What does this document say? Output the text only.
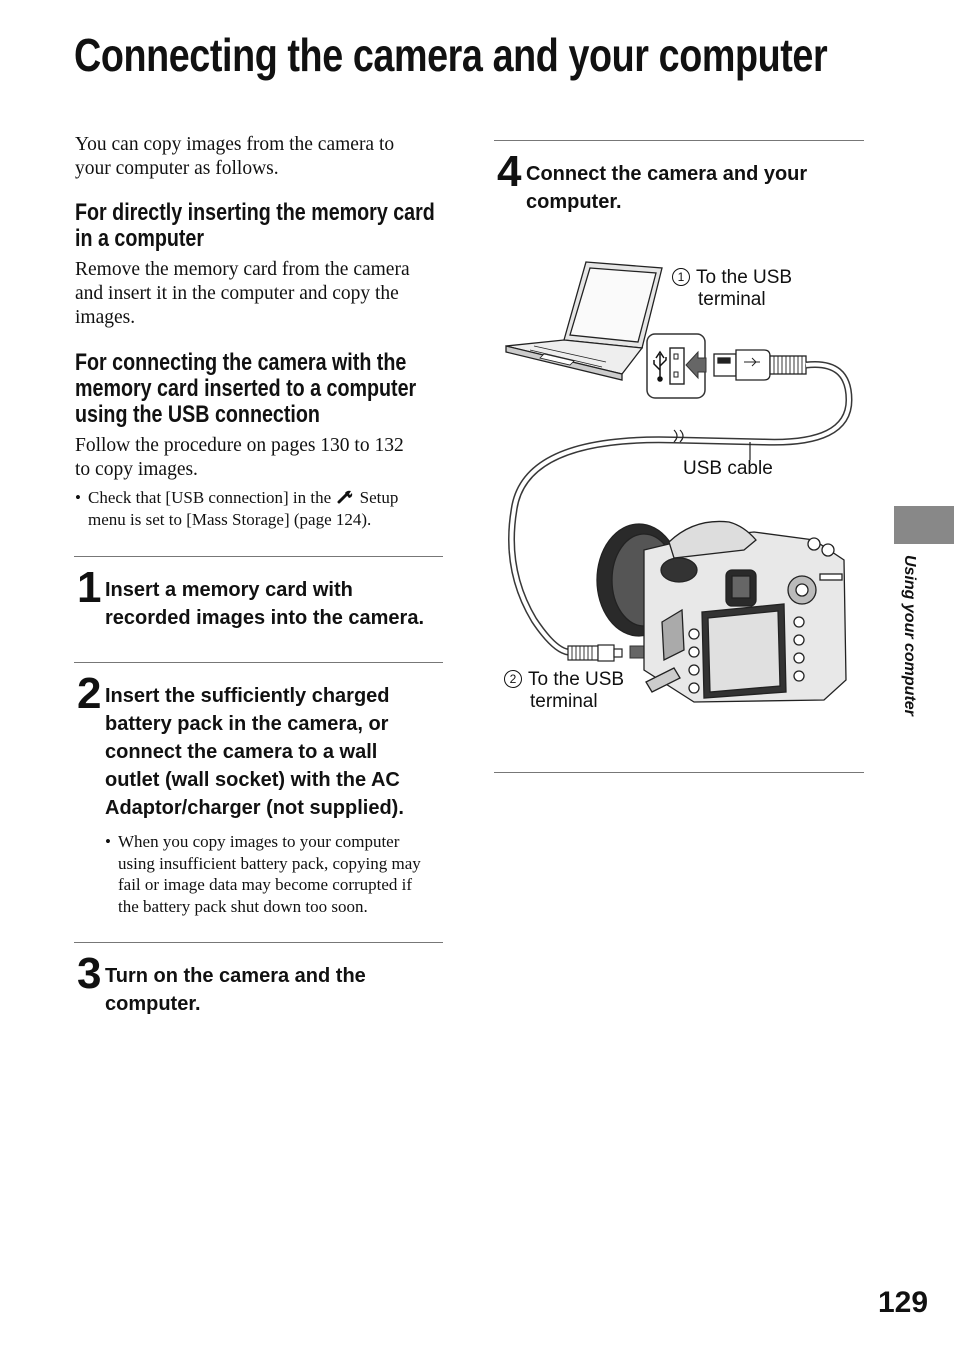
Connecting the camera and your computer
You can copy images from the camera to
your computer as follows.
For directly inserting the memory card
in a computer
Remove the memory card from the camera
and insert it in the computer and copy the
images.
For connecting the camera with the
memory card inserted to a computer
using the USB connection
Follow the procedure on pages 130 to 132
to copy images.
• Check that [USB connection] in the Setup
menu is set to [Mass Storage] (page 124).
1 Insert a memory card with
recorded images into the camera.
2 Insert the sufficiently charged
battery pack in the camera, or
connect the camera to a wall
outlet (wall socket) with the AC
Adaptor/charger (not supplied).
• When you copy images to your computer
using insufficient battery pack, copying may
fail or image data may become corrupted if
the battery pack shut down too soon.
3 Turn on the camera and the
computer.
4 Connect the camera and your
computer.
1 To the USB
terminal
USB cable
2 To the USB
terminal	Using your computer
129
